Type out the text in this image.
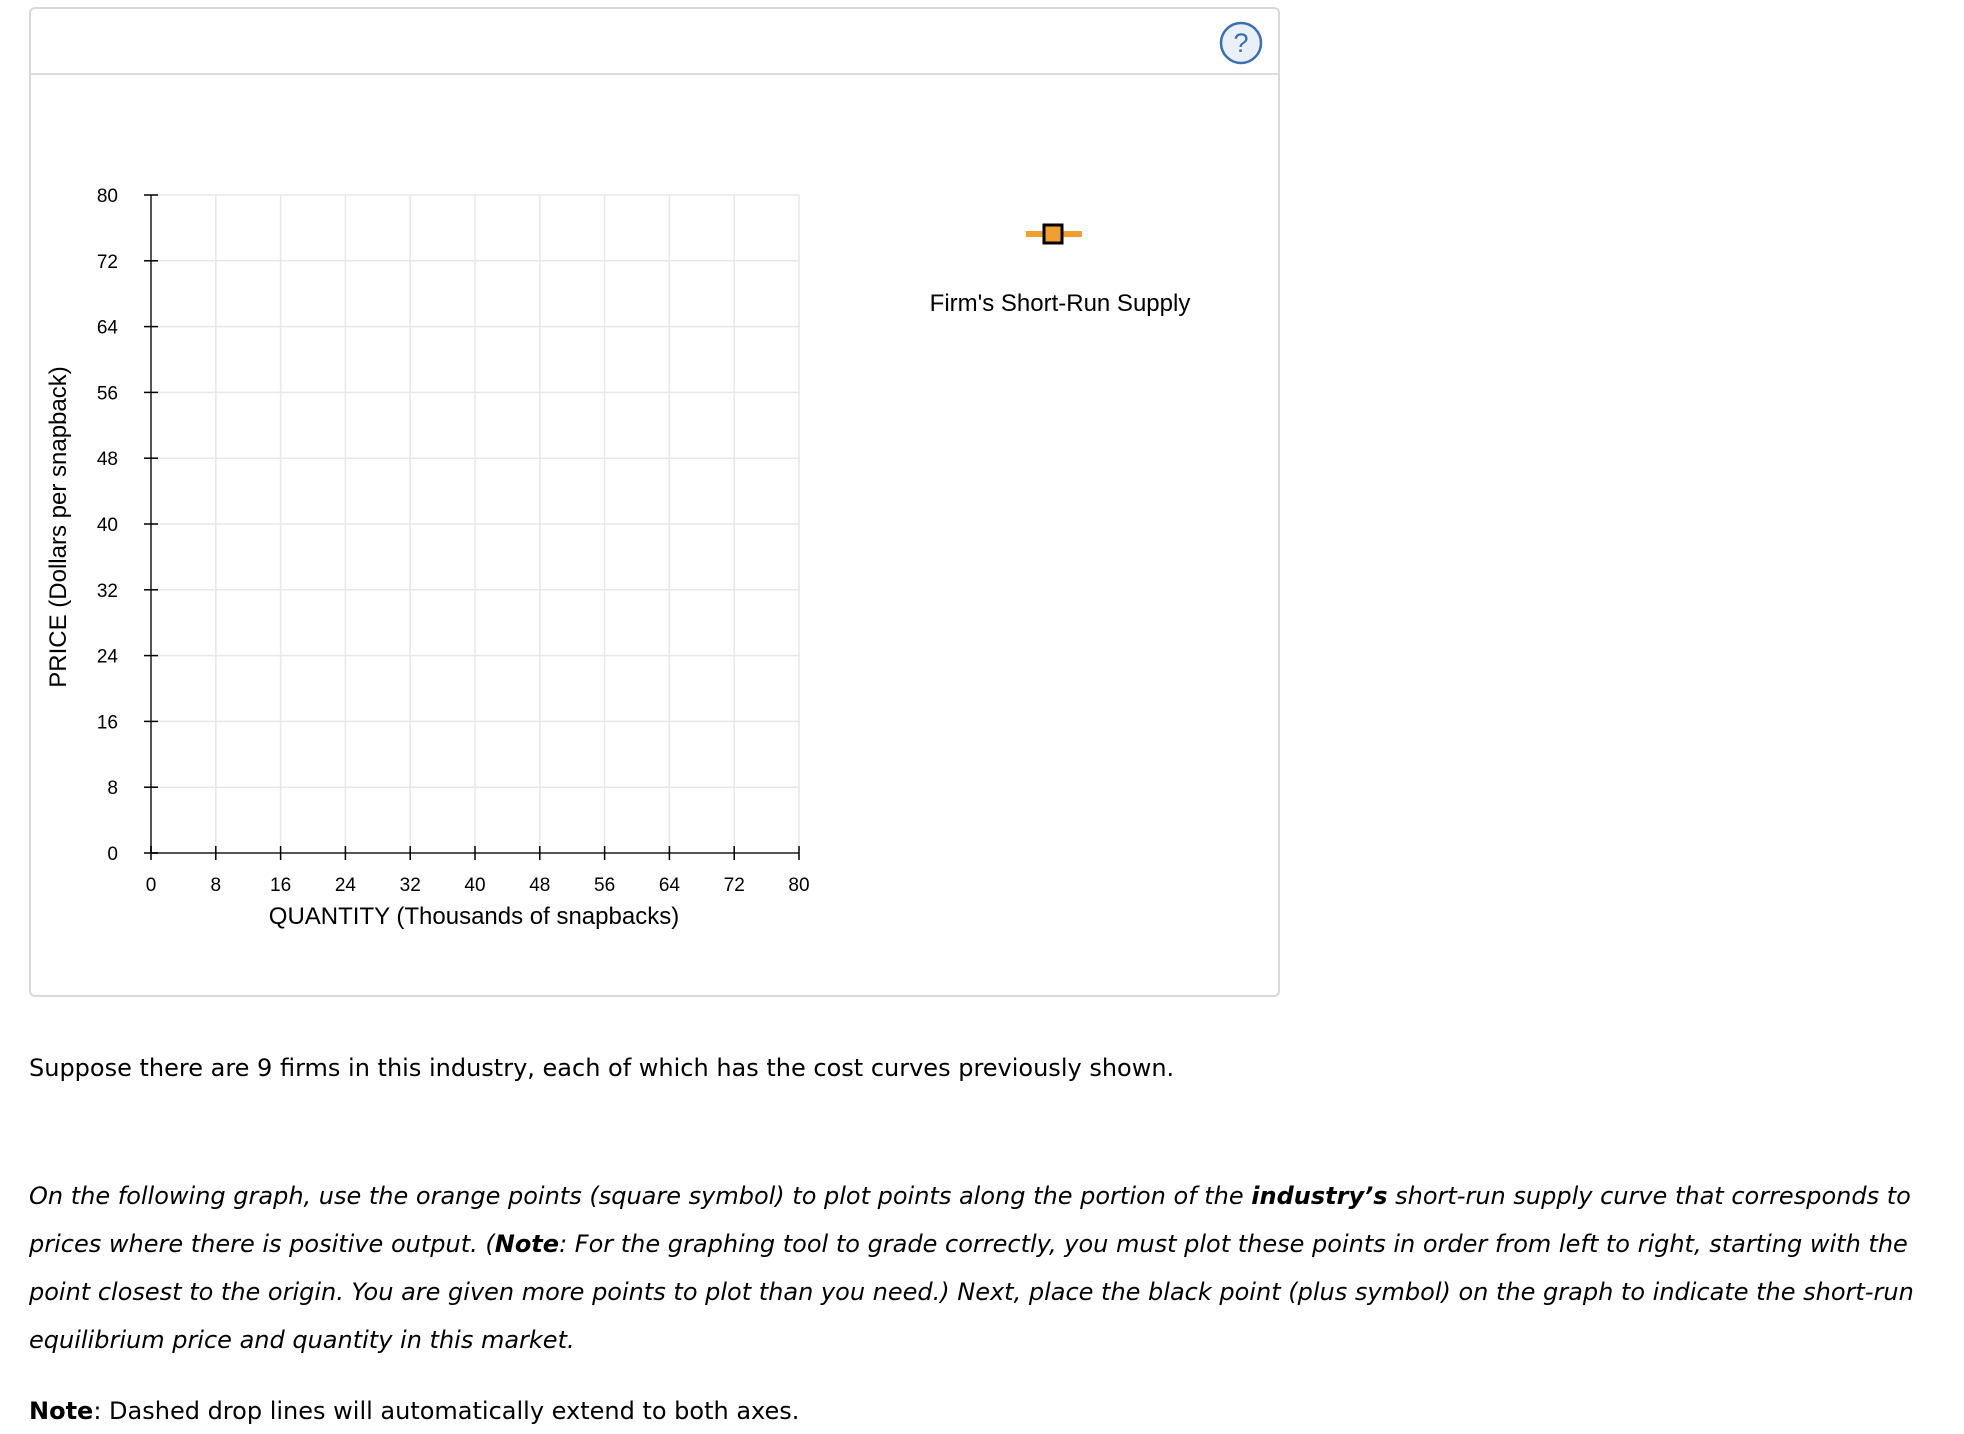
?
0	8	16 24 32 40 48 56 64 72 80
0
8
16
24
32
40
48
56
64
72
80
QUANTITY (Thousands of snapbacks)
PRICE (Dollars per snapback)
Firm's Short-Run Supply
Suppose there are 9 firms in this industry, each of which has the cost curves previously shown.
On the following graph, use the orange points (square symbol) to plot points along the portion of the industry’s short-run supply curve that corresponds to prices where there is positive output. (Note: For the graphing tool to grade correctly, you must plot these points in order from left to right, starting with the point closest to the origin. You are given more points to plot than you need.) Next, place the black point (plus symbol) on the graph to indicate the short-run equilibrium price and quantity in this market.
Note: Dashed drop lines will automatically extend to both axes.
